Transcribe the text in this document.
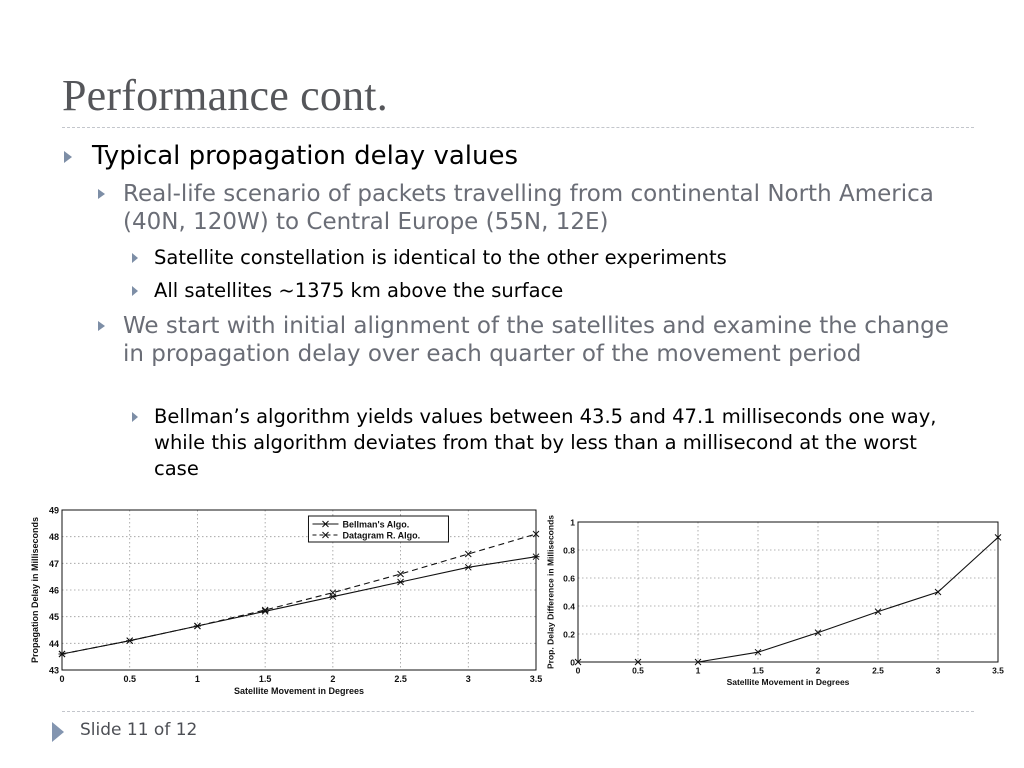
Performance cont.
Typical propagation delay values
Real-life scenario of packets travelling from continental North America (40N, 120W) to Central Europe (55N, 12E)
Satellite constellation is identical to the other experiments
All satellites ~1375 km above the surface
We start with initial alignment of the satellites and examine the change in propagation delay over each quarter of the movement period
Bellman’s algorithm yields values between 43.5 and 47.1 milliseconds one way, while this algorithm deviates from that by less than a millisecond at the worst case
0	0.5	1	1.5	2	2.5	3	3.5
43
44
45
46
47
48
49
Satellite Movement in Degrees
Propagation Delay in Milliseconds	Bellman's Algo.
Datagram R. Algo.
0	0.5	1	1.5	2	2.5	3	3.5
0
0.2
0.4
0.6
0.8
1
Satellite Movement in Degrees
Prop. Delay Difference in Milliseconds
Slide 11 of 12
